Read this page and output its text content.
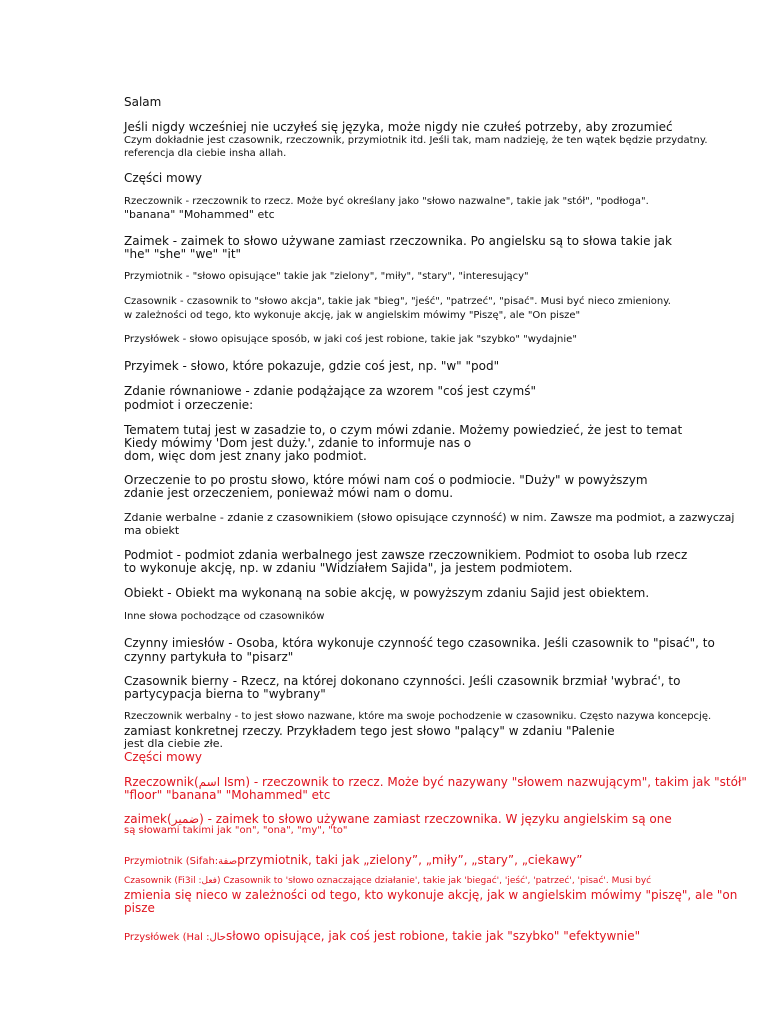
Salam
Jeśli nigdy wcześniej nie uczyłeś się języka, może nigdy nie czułeś potrzeby, aby zrozumieć
Czym dokładnie jest czasownik, rzeczownik, przymiotnik itd. Jeśli tak, mam nadzieję, że ten wątek będzie przydatny.
referencja dla ciebie insha allah.
Części mowy
Rzeczownik - rzeczownik to rzecz. Może być określany jako "słowo nazwalne", takie jak "stół", "podłoga".
"banana" "Mohammed" etc
Zaimek - zaimek to słowo używane zamiast rzeczownika. Po angielsku są to słowa takie jak
"he" "she" "we" "it"
Przymiotnik - "słowo opisujące" takie jak "zielony", "miły", "stary", "interesujący"
Czasownik - czasownik to "słowo akcja", takie jak "bieg", "jeść", "patrzeć", "pisać". Musi być nieco zmieniony.
w zależności od tego, kto wykonuje akcję, jak w angielskim mówimy "Piszę", ale "On pisze"
Przysłówek - słowo opisujące sposób, w jaki coś jest robione, takie jak "szybko" "wydajnie"
Przyimek - słowo, które pokazuje, gdzie coś jest, np. "w" "pod"
Zdanie równaniowe - zdanie podążające za wzorem "coś jest czymś"
podmiot i orzeczenie:
Tematem tutaj jest w zasadzie to, o czym mówi zdanie. Możemy powiedzieć, że jest to temat
Kiedy mówimy 'Dom jest duży.', zdanie to informuje nas o
dom, więc dom jest znany jako podmiot.
Orzeczenie to po prostu słowo, które mówi nam coś o podmiocie. "Duży" w powyższym
zdanie jest orzeczeniem, ponieważ mówi nam o domu.
Zdanie werbalne - zdanie z czasownikiem (słowo opisujące czynność) w nim. Zawsze ma podmiot, a zazwyczaj
ma obiekt
Podmiot - podmiot zdania werbalnego jest zawsze rzeczownikiem. Podmiot to osoba lub rzecz
to wykonuje akcję, np. w zdaniu "Widziałem Sajida", ja jestem podmiotem.
Obiekt - Obiekt ma wykonaną na sobie akcję, w powyższym zdaniu Sajid jest obiektem.
Inne słowa pochodzące od czasowników
Czynny imiesłów - Osoba, która wykonuje czynność tego czasownika. Jeśli czasownik to "pisać", to
czynny partykuła to "pisarz"
Czasownik bierny - Rzecz, na której dokonano czynności. Jeśli czasownik brzmiał 'wybrać', to
partycypacja bierna to "wybrany"
Rzeczownik werbalny - to jest słowo nazwane, które ma swoje pochodzenie w czasowniku. Często nazywa koncepcję.
zamiast konkretnej rzeczy. Przykładem tego jest słowo "palący" w zdaniu "Palenie
jest dla ciebie złe.
Części mowy
Rzeczownik(اسم Ism) - rzeczownik to rzecz. Może być nazywany "słowem nazwującym", takim jak "stół"
"floor" "banana" "Mohammed" etc
zaimek(ضمير) - zaimek to słowo używane zamiast rzeczownika. W języku angielskim są one
są słowami takimi jak "on", "ona", "my", "to"
Przymiotnik (Sifah:صفةprzymiotnik, taki jak „zielony”, „miły”, „stary”, „ciekawy”
Czasownik (Fi3il :فعل) Czasownik to 'słowo oznaczające działanie', takie jak 'biegać', 'jeść', 'patrzeć', 'pisać'. Musi być
zmienia się nieco w zależności od tego, kto wykonuje akcję, jak w angielskim mówimy "piszę", ale "on
pisze
Przysłówek (Hal :حالsłowo opisujące, jak coś jest robione, takie jak "szybko" "efektywnie"
